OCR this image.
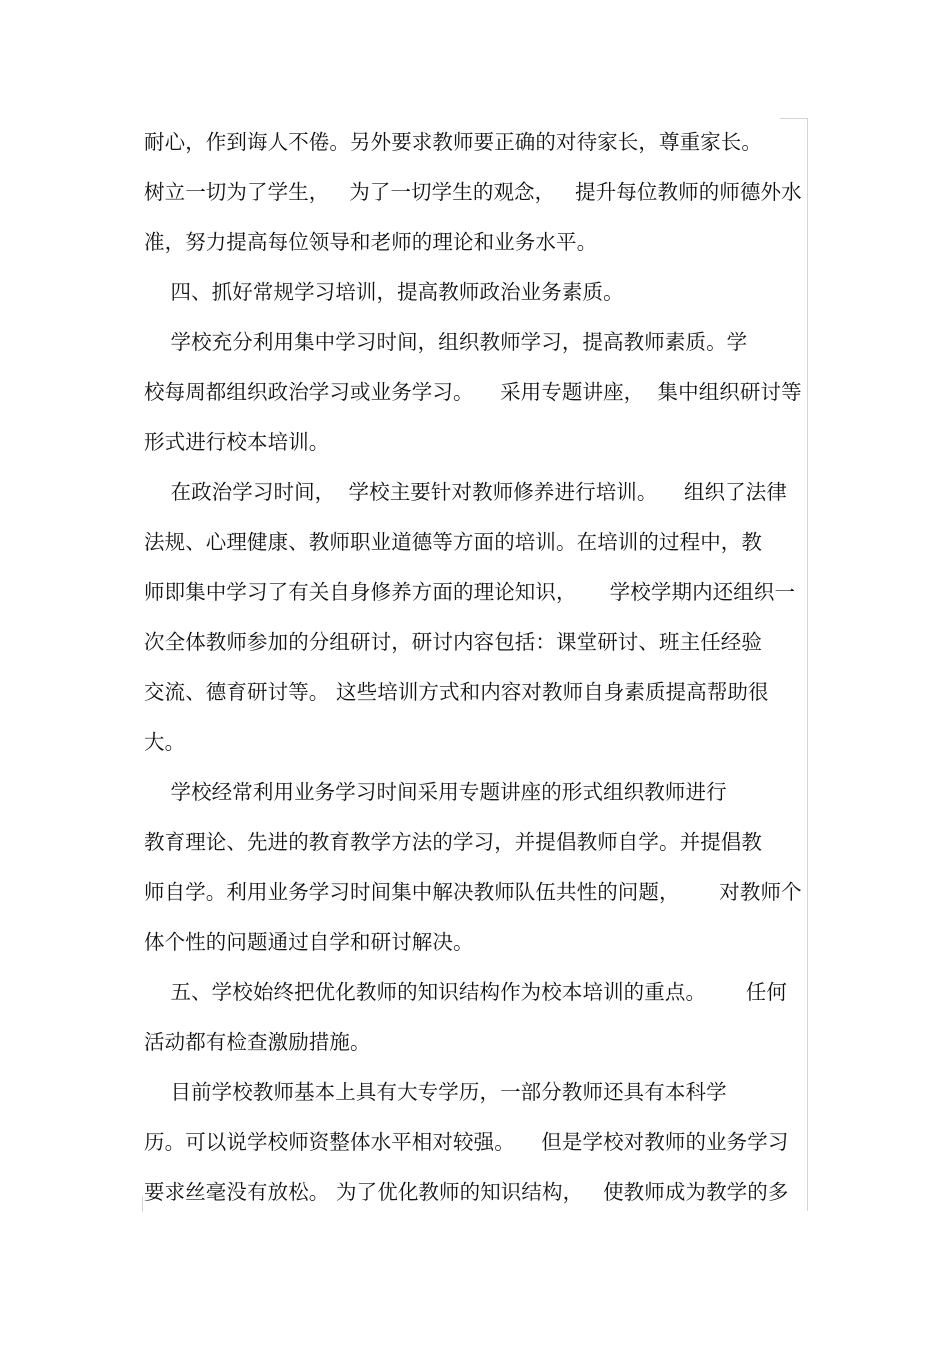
耐心，作到诲人不倦。另外要求教师要正确的对待家长，尊重家长。
树立一切为了学生，   为了一切学生的观念，   提升每位教师的师德外水
准，努力提高每位领导和老师的理论和业务水平。
四、抓好常规学习培训，提高教师政治业务素质。
学校充分利用集中学习时间，组织教师学习，提高教师素质。学
校每周都组织政治学习或业务学习。    采用专题讲座，  集中组织研讨等
形式进行校本培训。
在政治学习时间，  学校主要针对教师修养进行培训。    组织了法律
法规、心理健康、教师职业道德等方面的培训。在培训的过程中，教
师即集中学习了有关自身修养方面的理论知识，     学校学期内还组织一
次全体教师参加的分组研讨，研讨内容包括：课堂研讨、班主任经验
交流、德育研讨等。 这些培训方式和内容对教师自身素质提高帮助很
大。
学校经常利用业务学习时间采用专题讲座的形式组织教师进行
教育理论、先进的教育教学方法的学习，并提倡教师自学。并提倡教
师自学。利用业务学习时间集中解决教师队伍共性的问题，      对教师个
体个性的问题通过自学和研讨解决。
五、学校始终把优化教师的知识结构作为校本培训的重点。      任何
活动都有检查激励措施。
目前学校教师基本上具有大专学历，一部分教师还具有本科学
历。可以说学校师资整体水平相对较强。    但是学校对教师的业务学习
要求丝毫没有放松。 为了优化教师的知识结构，   使教师成为教学的多
